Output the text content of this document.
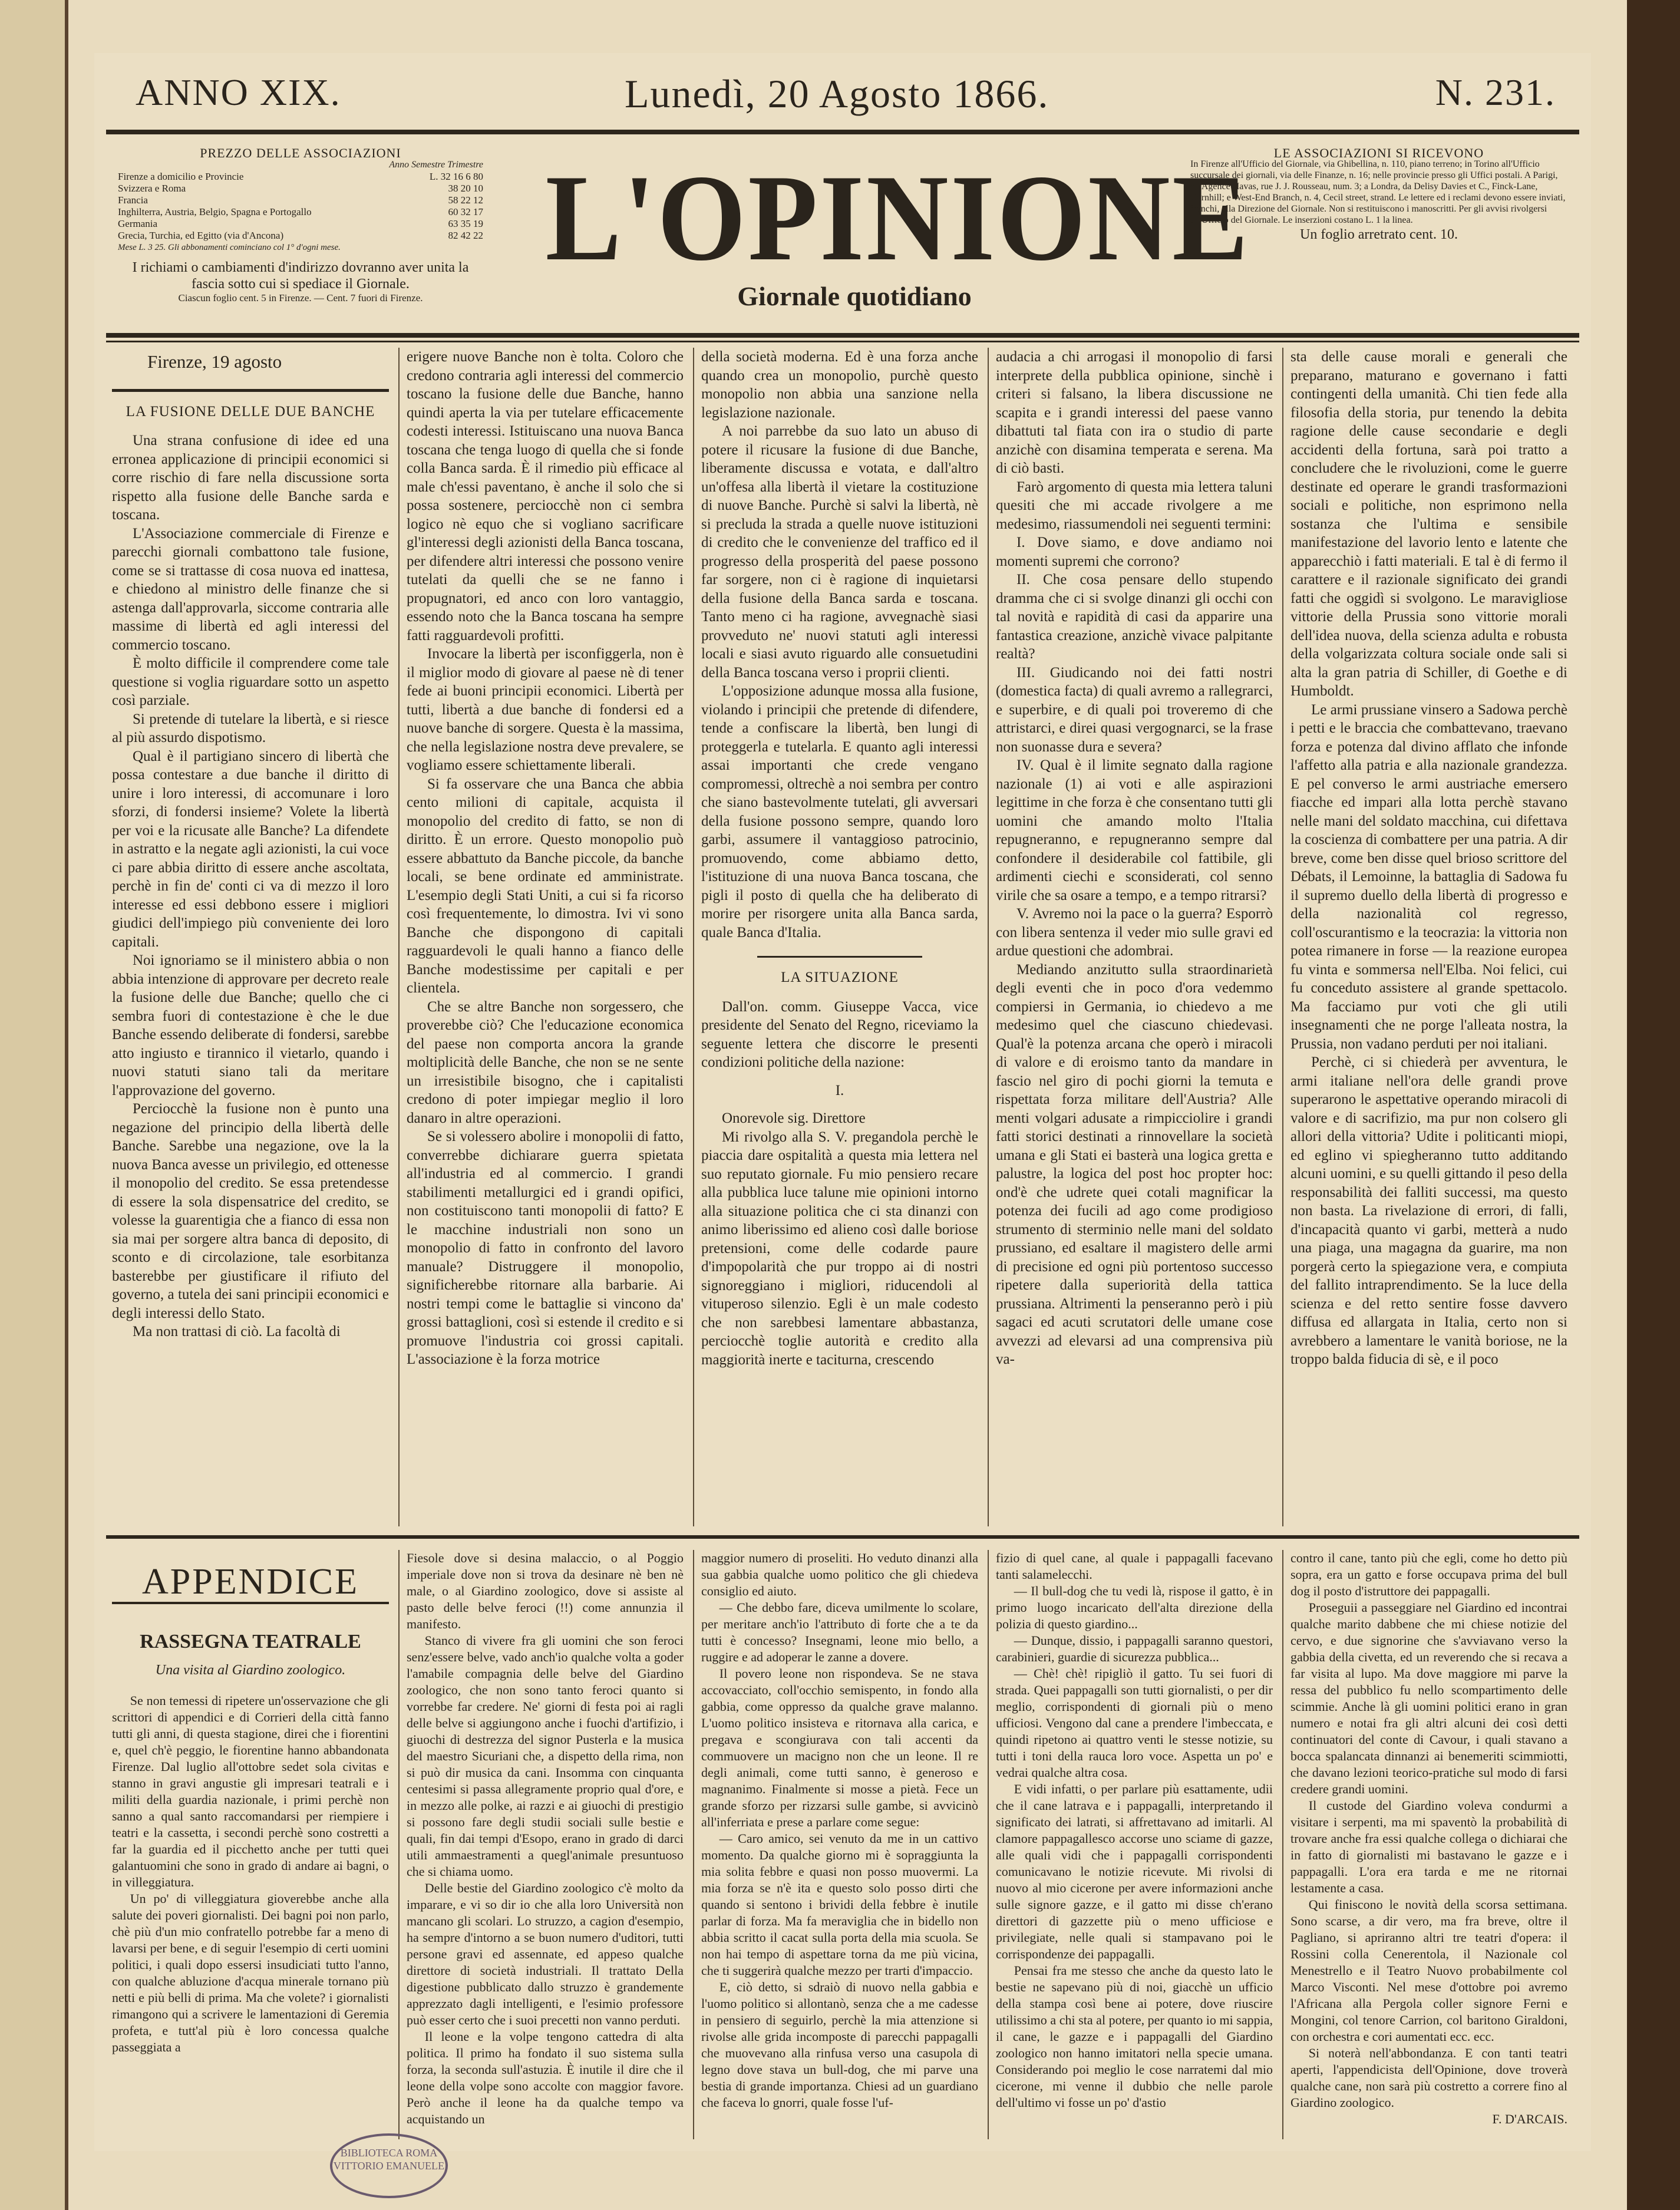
ANNO XIX.	Lunedì, 20 Agosto 1866.	N. 231.
PREZZO DELLE ASSOCIAZIONI
Anno Semestre Trimestre
Firenze a domicilio e Provincie	L. 32 16 6 80
Svizzera e Roma	38 20 10
Francia	58 22 12
Inghilterra, Austria, Belgio, Spagna e Portogallo	60 32 17
Germania	63 35 19
Grecia, Turchia, ed Egitto (via d'Ancona)	82 42 22
Mese L. 3 25. Gli abbonamenti cominciano col 1° d'ogni mese.
I richiami o cambiamenti d'indirizzo dovranno aver unita la fascia sotto cui si spediace il Giornale.
Ciascun foglio cent. 5 in Firenze. — Cent. 7 fuori di Firenze.
L'OPINIONE
Giornale quotidiano
LE ASSOCIAZIONI SI RICEVONO
In Firenze all'Ufficio del Giornale, via Ghibellina, n. 110, piano terreno; in Torino all'Ufficio succursale dei giornali, via delle Finanze, n. 16; nelle provincie presso gli Uffici postali. A Parigi, all'Agence Havas, rue J. J. Rousseau, num. 3; a Londra, da Delisy Davies et C., Finck-Lane, Cornhill; e West-End Branch, n. 4, Cecil street, strand. Le lettere ed i reclami devono essere inviati, franchi, alla Direzione del Giornale. Non si restituiscono i manoscritti. Per gli avvisi rivolgersi all'Ufficio del Giornale. Le inserzioni costano L. 1 la linea.
Un foglio arretrato cent. 10.

Firenze, 19 agosto

LA FUSIONE DELLE DUE BANCHE

Una strana confusione di idee ed una erronea applicazione di principii economici si corre rischio di fare nella discussione sorta rispetto alla fusione delle Banche sarda e toscana.

L'Associazione commerciale di Firenze e parecchi giornali combattono tale fusione, come se si trattasse di cosa nuova ed inattesa, e chiedono al ministro delle finanze che si astenga dall'approvarla, siccome contraria alle massime di libertà ed agli interessi del commercio toscano.

È molto difficile il comprendere come tale questione si voglia riguardare sotto un aspetto così parziale.

Si pretende di tutelare la libertà, e si riesce al più assurdo dispotismo.

Qual è il partigiano sincero di libertà che possa contestare a due banche il diritto di unire i loro interessi, di accomunare i loro sforzi, di fondersi insieme? Volete la libertà per voi e la ricusate alle Banche? La difendete in astratto e la negate agli azionisti, la cui voce ci pare abbia diritto di essere anche ascoltata, perchè in fin de' conti ci va di mezzo il loro interesse ed essi debbono essere i migliori giudici dell'impiego più conveniente dei loro capitali.

Noi ignoriamo se il ministero abbia o non abbia intenzione di approvare per decreto reale la fusione delle due Banche; quello che ci sembra fuori di contestazione è che le due Banche essendo deliberate di fondersi, sarebbe atto ingiusto e tirannico il vietarlo, quando i nuovi statuti siano tali da meritare l'approvazione del governo.

Perciocchè la fusione non è punto una negazione del principio della libertà delle Banche. Sarebbe una negazione, ove la la nuova Banca avesse un privilegio, ed ottenesse il monopolio del credito. Se essa pretendesse di essere la sola dispensatrice del credito, se volesse la guarentigia che a fianco di essa non sia mai per sorgere altra banca di deposito, di sconto e di circolazione, tale esorbitanza basterebbe per giustificare il rifiuto del governo, a tutela dei sani principii economici e degli interessi dello Stato.

Ma non trattasi di ciò. La facoltà di

erigere nuove Banche non è tolta. Coloro che credono contraria agli interessi del commercio toscano la fusione delle due Banche, hanno quindi aperta la via per tutelare efficacemente codesti interessi. Istituiscano una nuova Banca toscana che tenga luogo di quella che si fonde colla Banca sarda. È il rimedio più efficace al male ch'essi paventano, è anche il solo che si possa sostenere, perciocchè non ci sembra logico nè equo che si vogliano sacrificare gl'interessi degli azionisti della Banca toscana, per difendere altri interessi che possono venire tutelati da quelli che se ne fanno i propugnatori, ed anco con loro vantaggio, essendo noto che la Banca toscana ha sempre fatti ragguardevoli profitti.

Invocare la libertà per isconfiggerla, non è il miglior modo di giovare al paese nè di tener fede ai buoni principii economici. Libertà per tutti, libertà a due banche di fondersi ed a nuove banche di sorgere. Questa è la massima, che nella legislazione nostra deve prevalere, se vogliamo essere schiettamente liberali.

Si fa osservare che una Banca che abbia cento milioni di capitale, acquista il monopolio del credito di fatto, se non di diritto. È un errore. Questo monopolio può essere abbattuto da Banche piccole, da banche locali, se bene ordinate ed amministrate. L'esempio degli Stati Uniti, a cui si fa ricorso così frequentemente, lo dimostra. Ivi vi sono Banche che dispongono di capitali ragguardevoli le quali hanno a fianco delle Banche modestissime per capitali e per clientela.

Che se altre Banche non sorgessero, che proverebbe ciò? Che l'educazione economica del paese non comporta ancora la grande moltiplicità delle Banche, che non se ne sente un irresistibile bisogno, che i capitalisti credono di poter impiegar meglio il loro danaro in altre operazioni.

Se si volessero abolire i monopolii di fatto, converrebbe dichiarare guerra spietata all'industria ed al commercio. I grandi stabilimenti metallurgici ed i grandi opifici, non costituiscono tanti monopolii di fatto? E le macchine industriali non sono un monopolio di fatto in confronto del lavoro manuale? Distruggere il monopolio, significherebbe ritornare alla barbarie. Ai nostri tempi come le battaglie si vincono da' grossi battaglioni, così si estende il credito e si promuove l'industria coi grossi capitali. L'associazione è la forza motrice

della società moderna. Ed è una forza anche quando crea un monopolio, purchè questo monopolio non abbia una sanzione nella legislazione nazionale.

A noi parrebbe da suo lato un abuso di potere il ricusare la fusione di due Banche, liberamente discussa e votata, e dall'altro un'offesa alla libertà il vietare la costituzione di nuove Banche. Purchè si salvi la libertà, nè si precluda la strada a quelle nuove istituzioni di credito che le convenienze del traffico ed il progresso della prosperità del paese possono far sorgere, non ci è ragione di inquietarsi della fusione della Banca sarda e toscana. Tanto meno ci ha ragione, avvegnachè siasi provveduto ne' nuovi statuti agli interessi locali e siasi avuto riguardo alle consuetudini della Banca toscana verso i proprii clienti.

L'opposizione adunque mossa alla fusione, violando i principii che pretende di difendere, tende a confiscare la libertà, ben lungi di proteggerla e tutelarla. E quanto agli interessi assai importanti che crede vengano compromessi, oltrechè a noi sembra per contro che siano bastevolmente tutelati, gli avversari della fusione possono sempre, quando loro garbi, assumere il vantaggioso patrocinio, promuovendo, come abbiamo detto, l'istituzione di una nuova Banca toscana, che pigli il posto di quella che ha deliberato di morire per risorgere unita alla Banca sarda, quale Banca d'Italia.

LA SITUAZIONE

Dall'on. comm. Giuseppe Vacca, vice presidente del Senato del Regno, riceviamo la seguente lettera che discorre le presenti condizioni politiche della nazione:

I.

Onorevole sig. Direttore

Mi rivolgo alla S. V. pregandola perchè le piaccia dare ospitalità a questa mia lettera nel suo reputato giornale. Fu mio pensiero recare alla pubblica luce talune mie opinioni intorno alla situazione politica che ci sta dinanzi con animo liberissimo ed alieno così dalle boriose pretensioni, come delle codarde paure d'impopolarità che pur troppo ai di nostri signoreggiano i migliori, riducendoli al vituperoso silenzio. Egli è un male codesto che non sarebbesi lamentare abbastanza, perciocchè toglie autorità e credito alla maggiorità inerte e taciturna, crescendo

audacia a chi arrogasi il monopolio di farsi interprete della pubblica opinione, sinchè i criteri si falsano, la libera discussione ne scapita e i grandi interessi del paese vanno dibattuti tal fiata con ira o studio di parte anzichè con disamina temperata e serena. Ma di ciò basti.

Farò argomento di questa mia lettera taluni quesiti che mi accade rivolgere a me medesimo, riassumendoli nei seguenti termini:

I. Dove siamo, e dove andiamo noi momenti supremi che corrono?

II. Che cosa pensare dello stupendo dramma che ci si svolge dinanzi gli occhi con tal novità e rapidità di casi da apparire una fantastica creazione, anzichè vivace palpitante realtà?

III. Giudicando noi dei fatti nostri (domestica facta) di quali avremo a rallegrarci, e superbire, e di quali poi troveremo di che attristarci, e direi quasi vergognarci, se la frase non suonasse dura e severa?

IV. Qual è il limite segnato dalla ragione nazionale (1) ai voti e alle aspirazioni legittime in che forza è che consentano tutti gli uomini che amando molto l'Italia repugneranno, e repugneranno sempre dal confondere il desiderabile col fattibile, gli ardimenti ciechi e sconsiderati, col senno virile che sa osare a tempo, e a tempo ritrarsi?

V. Avremo noi la pace o la guerra? Esporrò con libera sentenza il veder mio sulle gravi ed ardue questioni che adombrai.

Mediando anzitutto sulla straordinarietà degli eventi che in poco d'ora vedemmo compiersi in Germania, io chiedevo a me medesimo quel che ciascuno chiedevasi. Qual'è la potenza arcana che operò i miracoli di valore e di eroismo tanto da mandare in fascio nel giro di pochi giorni la temuta e rispettata forza militare dell'Austria? Alle menti volgari adusate a rimpicciolire i grandi fatti storici destinati a rinnovellare la società umana e gli Stati ei basterà una logica gretta e palustre, la logica del post hoc propter hoc: ond'è che udrete quei cotali magnificar la potenza dei fucili ad ago come prodigioso strumento di sterminio nelle mani del soldato prussiano, ed esaltare il magistero delle armi di precisione ed ogni più portentoso successo ripetere dalla superiorità della tattica prussiana. Altrimenti la penseranno però i più sagaci ed acuti scrutatori delle umane cose avvezzi ad elevarsi ad una comprensiva più va-

sta delle cause morali e generali che preparano, maturano e governano i fatti contingenti della umanità. Chi tien fede alla filosofia della storia, pur tenendo la debita ragione delle cause secondarie e degli accidenti della fortuna, sarà poi tratto a concludere che le rivoluzioni, come le guerre destinate ed operare le grandi trasformazioni sociali e politiche, non esprimono nella sostanza che l'ultima e sensibile manifestazione del lavorio lento e latente che apparecchiò i fatti materiali. E tal è di fermo il carattere e il razionale significato dei grandi fatti che oggidì si svolgono. Le maravigliose vittorie della Prussia sono vittorie morali dell'idea nuova, della scienza adulta e robusta della volgarizzata coltura sociale onde sali si alta la gran patria di Schiller, di Goethe e di Humboldt.

Le armi prussiane vinsero a Sadowa perchè i petti e le braccia che combattevano, traevano forza e potenza dal divino afflato che infonde l'affetto alla patria e alla nazionale grandezza. E pel converso le armi austriache emersero fiacche ed impari alla lotta perchè stavano nelle mani del soldato macchina, cui difettava la coscienza di combattere per una patria. A dir breve, come ben disse quel brioso scrittore del Débats, il Lemoinne, la battaglia di Sadowa fu il supremo duello della libertà di progresso e della nazionalità col regresso, coll'oscurantismo e la teocrazia: la vittoria non potea rimanere in forse — la reazione europea fu vinta e sommersa nell'Elba. Noi felici, cui fu conceduto assistere al grande spettacolo. Ma facciamo pur voti che gli utili insegnamenti che ne porge l'alleata nostra, la Prussia, non vadano perduti per noi italiani.

Perchè, ci si chiederà per avventura, le armi italiane nell'ora delle grandi prove superarono le aspettative operando miracoli di valore e di sacrifizio, ma pur non colsero gli allori della vittoria? Udite i politicanti miopi, ed eglino vi spiegheranno tutto additando alcuni uomini, e su quelli gittando il peso della responsabilità dei falliti successi, ma questo non basta. La rivelazione di errori, di falli, d'incapacità quanto vi garbi, metterà a nudo una piaga, una magagna da guarire, ma non porgerà certo la spiegazione vera, e compiuta del fallito intraprendimento. Se la luce della scienza e del retto sentire fosse davvero diffusa ed allargata in Italia, certo non si avrebbero a lamentare le vanità boriose, ne la troppo balda fiducia di sè, e il poco

APPENDICE
RASSEGNA TEATRALE
Una visita al Giardino zoologico.

Se non temessi di ripetere un'osservazione che gli scrittori di appendici e di Corrieri della città fanno tutti gli anni, di questa stagione, direi che i fiorentini e, quel ch'è peggio, le fiorentine hanno abbandonata Firenze. Dal luglio all'ottobre sedet sola civitas e stanno in gravi angustie gli impresari teatrali e i militi della guardia nazionale, i primi perchè non sanno a qual santo raccomandarsi per riempiere i teatri e la cassetta, i secondi perchè sono costretti a far la guardia ed il picchetto anche per tutti quei galantuomini che sono in grado di andare ai bagni, o in villeggiatura.

Un po' di villeggiatura gioverebbe anche alla salute dei poveri giornalisti. Dei bagni poi non parlo, chè più d'un mio confratello potrebbe far a meno di lavarsi per bene, e di seguir l'esempio di certi uomini politici, i quali dopo essersi insudiciati tutto l'anno, con qualche abluzione d'acqua minerale tornano più netti e più belli di prima. Ma che volete? i giornalisti rimangono qui a scrivere le lamentazioni di Geremia profeta, e tutt'al più è loro concessa qualche passeggiata a

Fiesole dove si desina malaccio, o al Poggio imperiale dove non si trova da desinare nè ben nè male, o al Giardino zoologico, dove si assiste al pasto delle belve feroci (!!) come annunzia il manifesto.

Stanco di vivere fra gli uomini che son feroci senz'essere belve, vado anch'io qualche volta a goder l'amabile compagnia delle belve del Giardino zoologico, che non sono tanto feroci quanto si vorrebbe far credere. Ne' giorni di festa poi ai ragli delle belve si aggiungono anche i fuochi d'artifizio, i giuochi di destrezza del signor Pusterla e la musica del maestro Sicuriani che, a dispetto della rima, non si può dir musica da cani. Insomma con cinquanta centesimi si passa allegramente proprio qual d'ore, e in mezzo alle polke, ai razzi e ai giuochi di prestigio si possono fare degli studii sociali sulle bestie e quali, fin dai tempi d'Esopo, erano in grado di darci utili ammaestramenti a quegl'animale presuntuoso che si chiama uomo.

Delle bestie del Giardino zoologico c'è molto da imparare, e vi so dir io che alla loro Università non mancano gli scolari. Lo struzzo, a cagion d'esempio, ha sempre d'intorno a se buon numero d'uditori, tutti persone gravi ed assennate, ed appeso qualche direttore di società industriali. Il trattato Della digestione pubblicato dallo struzzo è grandemente apprezzato dagli intelligenti, e l'esimio professore può esser certo che i suoi precetti non vanno perduti.

Il leone e la volpe tengono cattedra di alta politica. Il primo ha fondato il suo sistema sulla forza, la seconda sull'astuzia. È inutile il dire che il leone della volpe sono accolte con maggior favore. Però anche il leone ha da qualche tempo va acquistando un

maggior numero di proseliti. Ho veduto dinanzi alla sua gabbia qualche uomo politico che gli chiedeva consiglio ed aiuto.

— Che debbo fare, diceva umilmente lo scolare, per meritare anch'io l'attributo di forte che a te da tutti è concesso? Insegnami, leone mio bello, a ruggire e ad adoperar le zanne a dovere.

Il povero leone non rispondeva. Se ne stava accovacciato, coll'occhio semispento, in fondo alla gabbia, come oppresso da qualche grave malanno. L'uomo politico insisteva e ritornava alla carica, e pregava e scongiurava con tali accenti da commuovere un macigno non che un leone. Il re degli animali, come tutti sanno, è generoso e magnanimo. Finalmente si mosse a pietà. Fece un grande sforzo per rizzarsi sulle gambe, si avvicinò all'inferriata e prese a parlare come segue:

— Caro amico, sei venuto da me in un cattivo momento. Da qualche giorno mi è sopraggiunta la mia solita febbre e quasi non posso muovermi. La mia forza se n'è ita e questo solo posso dirti che quando si sentono i brividi della febbre è inutile parlar di forza. Ma fa meraviglia che in bidello non abbia scritto il cacat sulla porta della mia scuola. Se non hai tempo di aspettare torna da me più vicina, che ti suggerirà qualche mezzo per trarti d'impaccio.

E, ciò detto, si sdraiò di nuovo nella gabbia e l'uomo politico si allontanò, senza che a me cadesse in pensiero di seguirlo, perchè la mia attenzione si rivolse alle grida incomposte di parecchi pappagalli che muovevano alla rinfusa verso una casupola di legno dove stava un bull-dog, che mi parve una bestia di grande importanza. Chiesi ad un guardiano che faceva lo gnorri, quale fosse l'uf-

fizio di quel cane, al quale i pappagalli facevano tanti salamelecchi.

— Il bull-dog che tu vedi là, rispose il gatto, è in primo luogo incaricato dell'alta direzione della polizia di questo giardino...

— Dunque, dissio, i pappagalli saranno questori, carabinieri, guardie di sicurezza pubblica...

— Chè! chè! ripigliò il gatto. Tu sei fuori di strada. Quei pappagalli son tutti giornalisti, o per dir meglio, corrispondenti di giornali più o meno ufficiosi. Vengono dal cane a prendere l'imbeccata, e quindi ripetono ai quattro venti le stesse notizie, su tutti i toni della rauca loro voce. Aspetta un po' e vedrai qualche altra cosa.

E vidi infatti, o per parlare più esattamente, udii che il cane latrava e i pappagalli, interpretando il significato dei latrati, si affrettavano ad imitarli. Al clamore pappagallesco accorse uno sciame di gazze, alle quali vidi che i pappagalli corrispondenti comunicavano le notizie ricevute. Mi rivolsi di nuovo al mio cicerone per avere informazioni anche sulle signore gazze, e il gatto mi disse ch'erano direttori di gazzette più o meno ufficiose e privilegiate, nelle quali si stampavano poi le corrispondenze dei pappagalli.

Pensai fra me stesso che anche da questo lato le bestie ne sapevano più di noi, giacchè un ufficio della stampa così bene ai potere, dove riuscire utilissimo a chi sta al potere, per quanto io mi sappia, il cane, le gazze e i pappagalli del Giardino zoologico non hanno imitatori nella specie umana. Considerando poi meglio le cose narratemi dal mio cicerone, mi venne il dubbio che nelle parole dell'ultimo vi fosse un po' d'astio

contro il cane, tanto più che egli, come ho detto più sopra, era un gatto e forse occupava prima del bull dog il posto d'istruttore dei pappagalli.

Proseguii a passeggiare nel Giardino ed incontrai qualche marito dabbene che mi chiese notizie del cervo, e due signorine che s'avviavano verso la gabbia della civetta, ed un reverendo che si recava a far visita al lupo. Ma dove maggiore mi parve la ressa del pubblico fu nello scompartimento delle scimmie. Anche là gli uomini politici erano in gran numero e notai fra gli altri alcuni dei così detti continuatori del conte di Cavour, i quali stavano a bocca spalancata dinnanzi ai benemeriti scimmiotti, che davano lezioni teorico-pratiche sul modo di farsi credere grandi uomini.

Il custode del Giardino voleva condurmi a visitare i serpenti, ma mi spaventò la probabilità di trovare anche fra essi qualche collega o dichiarai che in fatto di giornalisti mi bastavano le gazze e i pappagalli. L'ora era tarda e me ne ritornai lestamente a casa.

Qui finiscono le novità della scorsa settimana. Sono scarse, a dir vero, ma fra breve, oltre il Pagliano, si apriranno altri tre teatri d'opera: il Rossini colla Cenerentola, il Nazionale col Menestrello e il Teatro Nuovo probabilmente col Marco Visconti. Nel mese d'ottobre poi avremo l'Africana alla Pergola coller signore Ferni e Mongini, col tenore Carrion, col baritono Giraldoni, con orchestra e cori aumentati ecc. ecc.

Si noterà nell'abbondanza. E con tanti teatri aperti, l'appendicista dell'Opinione, dove troverà qualche cane, non sarà più costretto a correre fino al Giardino zoologico.

F. D'ARCAIS.

BIBLIOTECA ROMA VITTORIO EMANUELE
